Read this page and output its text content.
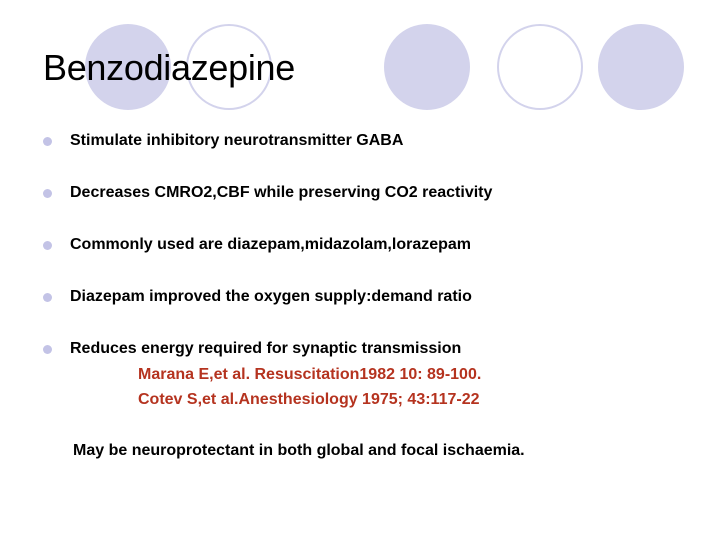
Benzodiazepine
Stimulate inhibitory neurotransmitter GABA
Decreases CMRO2,CBF while preserving CO2 reactivity
Commonly used are diazepam,midazolam,lorazepam
Diazepam improved the oxygen supply:demand ratio
Reduces energy required for synaptic transmission
Marana E,et al. Resuscitation1982 10: 89-100.
Cotev S,et al.Anesthesiology 1975; 43:117-22
May be neuroprotectant in both global and focal ischaemia.
